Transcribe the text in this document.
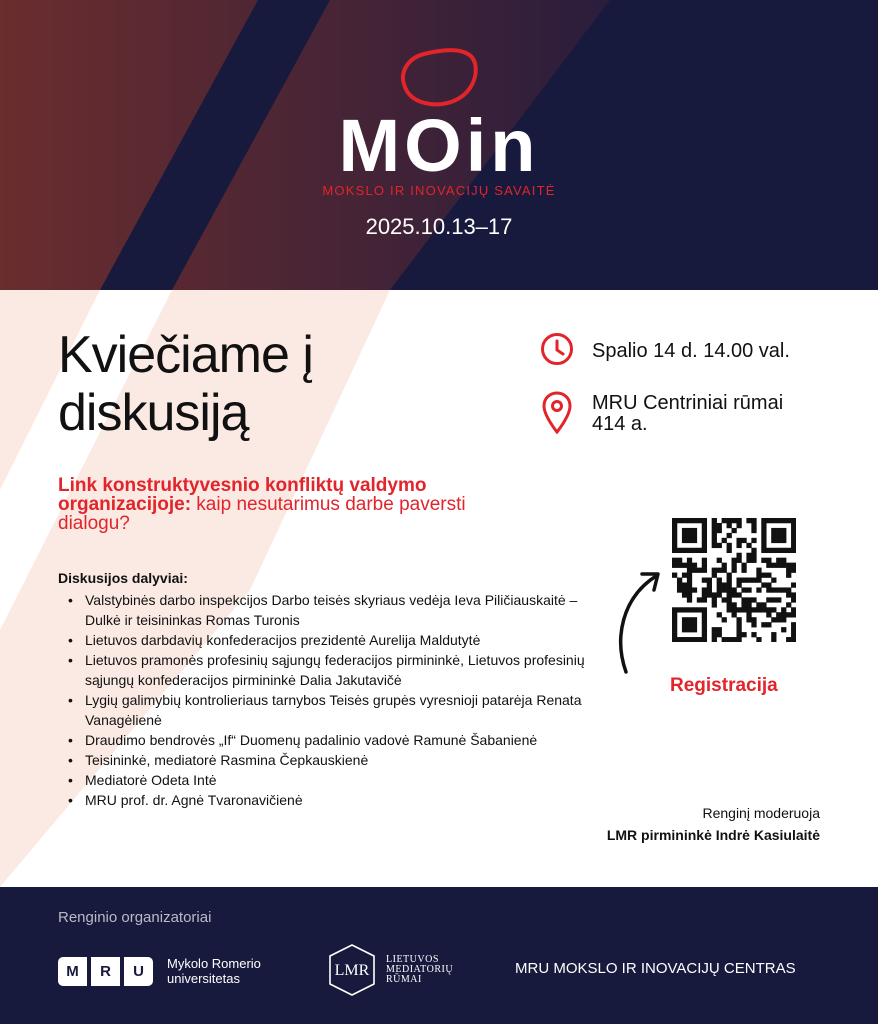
MOin
MOKSLO IR INOVACIJŲ SAVAITĖ
2025.10.13–17
Kviečiame į
diskusiją
Spalio 14 d. 14.00 val.
MRU Centriniai rūmai
414 a.
Link konstruktyvesnio konfliktų valdymo organizacijoje: kaip nesutarimus darbe paversti dialogu?
Diskusijos dalyviai:
• Valstybinės darbo inspekcijos Darbo teisės skyriaus vedėja Ieva Piličiauskaitė – Dulkė ir teisininkas Romas Turonis
• Lietuvos darbdavių konfederacijos prezidentė Aurelija Maldutytė
• Lietuvos pramonės profesinių sąjungų federacijos pirmininkė, Lietuvos profesinių sąjungų konfederacijos pirmininkė Dalia Jakutavičė
• Lygių galimybių kontrolieriaus tarnybos Teisės grupės vyresnioji patarėja Renata Vanagėlienė
• Draudimo bendrovės „If“ Duomenų padalinio vadovė Ramunė Šabanienė
• Teisininkė, mediatorė Rasmina Čepkauskienė
• Mediatorė Odeta Intė
• MRU prof. dr. Agnė Tvaronavičienė
Registracija
Renginį moderuoja
LMR pirmininkė Indrė Kasiulaitė
Renginio organizatoriai
M	R	U	Mykolo Romerio
universitetas	LMR
LIETUVOS
MEDIATORIŲ
RŪMAI
MRU MOKSLO IR INOVACIJŲ CENTRAS
